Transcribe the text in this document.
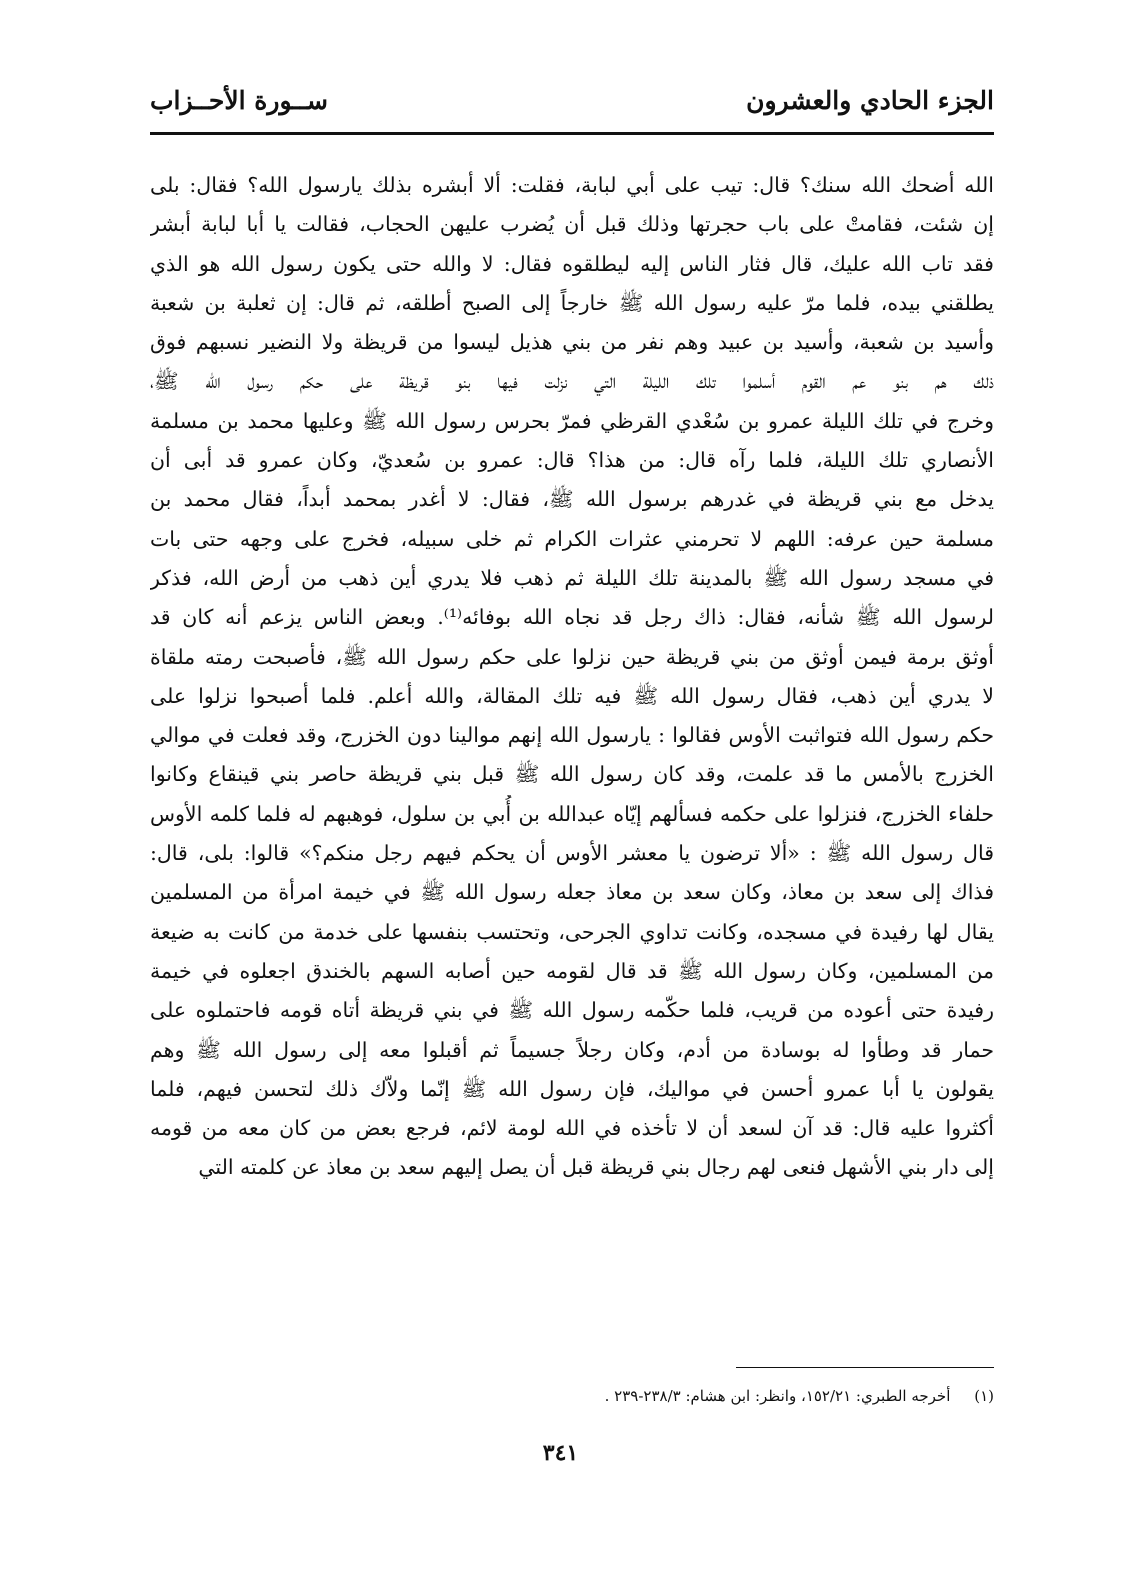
الجزء الحادي والعشرون
ســورة الأحــزاب
الله أضحك الله سنك؟ قال: تيب على أبي لبابة، فقلت: ألا أبشره بذلك يارسول الله؟ فقال: بلى
إن شئت، فقامتْ على باب حجرتها وذلك قبل أن يُضرب عليهن الحجاب، فقالت يا أبا لبابة أبشر
فقد تاب الله عليك، قال فثار الناس إليه ليطلقوه فقال: لا والله حتى يكون رسول الله هو الذي
يطلقني بيده، فلما مرّ عليه رسول الله ﷺ خارجاً إلى الصبح أطلقه، ثم قال: إن ثعلبة بن شعبة
وأسيد بن شعبة، وأسيد بن عبيد وهم نفر من بني هذيل ليسوا من قريظة ولا النضير نسبهم فوق
ذلك هم بنو عم القوم أسلموا تلك الليلة التي نزلت فيها بنو قريظة على حكم رسول الله ﷺ،
وخرج في تلك الليلة عمرو بن سُعْدي القرظي فمرّ بحرس رسول الله ﷺ وعليها محمد بن مسلمة
الأنصاري تلك الليلة، فلما رآه قال: من هذا؟ قال: عمرو بن سُعديّ، وكان عمرو قد أبى أن
يدخل مع بني قريظة في غدرهم برسول الله ﷺ، فقال: لا أغدر بمحمد أبداً، فقال محمد بن
مسلمة حين عرفه: اللهم لا تحرمني عثرات الكرام ثم خلى سبيله، فخرج على وجهه حتى بات
في مسجد رسول الله ﷺ بالمدينة تلك الليلة ثم ذهب فلا يدري أين ذهب من أرض الله، فذكر
لرسول الله ﷺ شأنه، فقال: ذاك رجل قد نجاه الله بوفائه⁽¹⁾. وبعض الناس يزعم أنه كان قد
أوثق برمة فيمن أوثق من بني قريظة حين نزلوا على حكم رسول الله ﷺ، فأصبحت رمته ملقاة
لا يدري أين ذهب، فقال رسول الله ﷺ فيه تلك المقالة، والله أعلم. فلما أصبحوا نزلوا على
حكم رسول الله فتواثبت الأوس فقالوا : يارسول الله إنهم موالينا دون الخزرج، وقد فعلت في موالي
الخزرج بالأمس ما قد علمت، وقد كان رسول الله ﷺ قبل بني قريظة حاصر بني قينقاع وكانوا
حلفاء الخزرج، فنزلوا على حكمه فسألهم إيّاه عبدالله بن أُبي بن سلول، فوهبهم له فلما كلمه الأوس
قال رسول الله ﷺ : «ألا ترضون يا معشر الأوس أن يحكم فيهم رجل منكم؟» قالوا: بلى، قال:
فذاك إلى سعد بن معاذ، وكان سعد بن معاذ جعله رسول الله ﷺ في خيمة امرأة من المسلمين
يقال لها رفيدة في مسجده، وكانت تداوي الجرحى، وتحتسب بنفسها على خدمة من كانت به ضيعة
من المسلمين، وكان رسول الله ﷺ قد قال لقومه حين أصابه السهم بالخندق اجعلوه في خيمة
رفيدة حتى أعوده من قريب، فلما حكّمه رسول الله ﷺ في بني قريظة أتاه قومه فاحتملوه على
حمار قد وطأوا له بوسادة من أدم، وكان رجلاً جسيماً ثم أقبلوا معه إلى رسول الله ﷺ وهم
يقولون يا أبا عمرو أحسن في مواليك، فإن رسول الله ﷺ إنّما ولاّك ذلك لتحسن فيهم، فلما
أكثروا عليه قال: قد آن لسعد أن لا تأخذه في الله لومة لائم، فرجع بعض من كان معه من قومه
إلى دار بني الأشهل فنعى لهم رجال بني قريظة قبل أن يصل إليهم سعد بن معاذ عن كلمته التي
(١)     أخرجه الطبري: ١٥٢/٢١، وانظر: ابن هشام: ٢٣٨/٣-٢٣٩ .
٣٤١
